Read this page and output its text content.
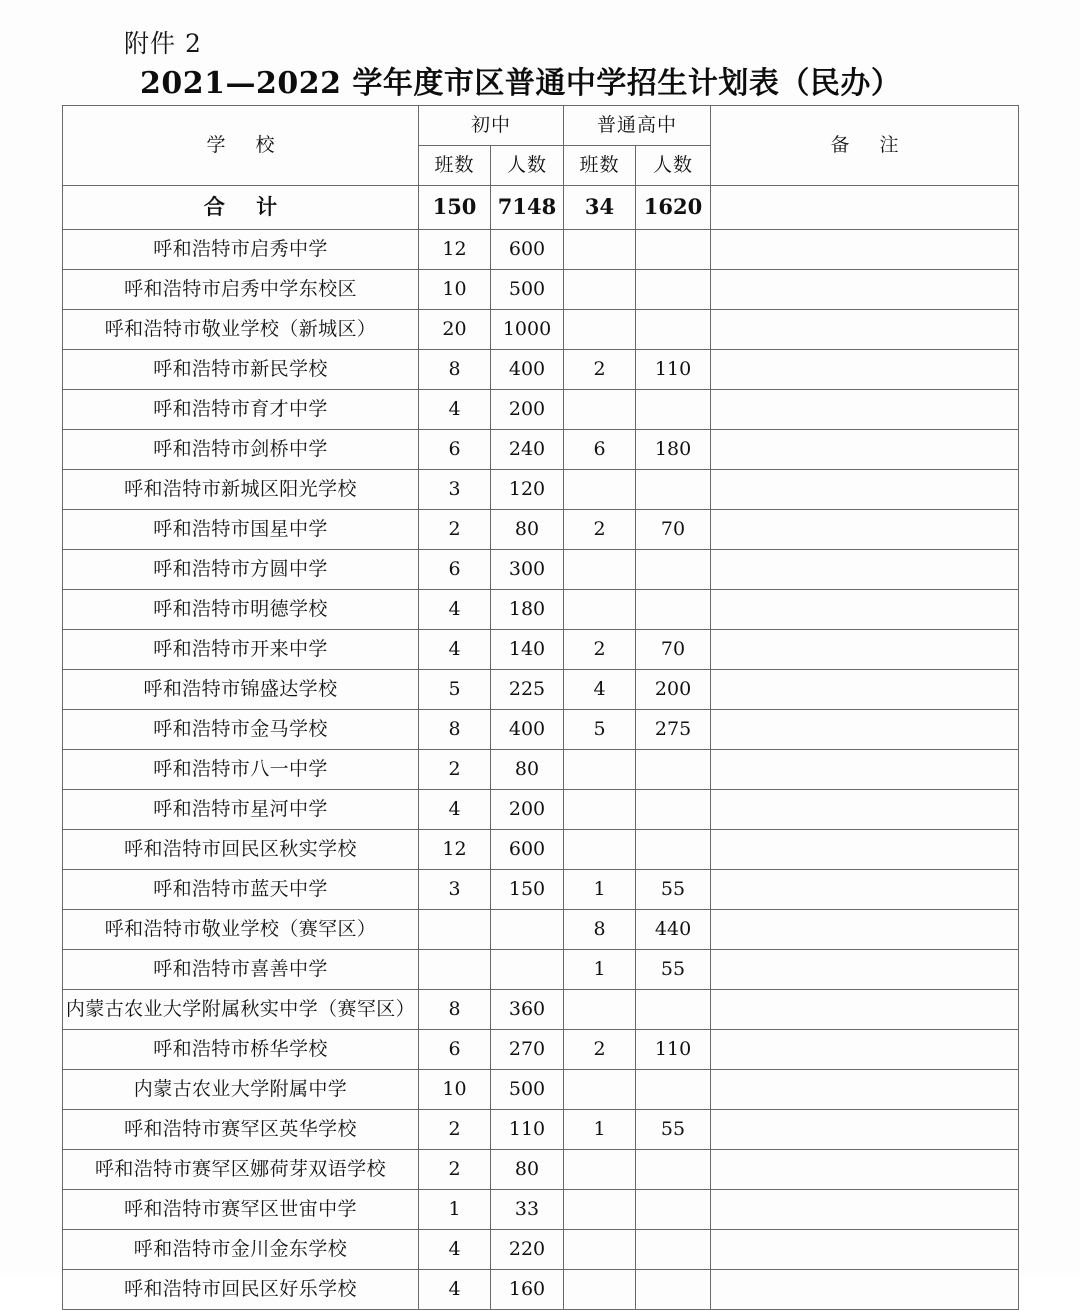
附件 2
2021—2022 学年度市区普通中学招生计划表（民办）
学 校	初中		普通高中		备 注
	班数	人数	班数	人数	
合 计	150	7148	34	1620	
呼和浩特市启秀中学	12	600			
呼和浩特市启秀中学东校区	10	500			
呼和浩特市敬业学校（新城区）	20	1000			
呼和浩特市新民学校	8	400	2	110	
呼和浩特市育才中学	4	200			
呼和浩特市剑桥中学	6	240	6	180	
呼和浩特市新城区阳光学校	3	120			
呼和浩特市国星中学	2	80	2	70	
呼和浩特市方圆中学	6	300			
呼和浩特市明德学校	4	180			
呼和浩特市开来中学	4	140	2	70	
呼和浩特市锦盛达学校	5	225	4	200	
呼和浩特市金马学校	8	400	5	275	
呼和浩特市八一中学	2	80			
呼和浩特市星河中学	4	200			
呼和浩特市回民区秋实学校	12	600			
呼和浩特市蓝天中学	3	150	1	55	
呼和浩特市敬业学校（赛罕区）			8	440	
呼和浩特市喜善中学			1	55	
内蒙古农业大学附属秋实中学（赛罕区）	8	360			
呼和浩特市桥华学校	6	270	2	110	
内蒙古农业大学附属中学	10	500			
呼和浩特市赛罕区英华学校	2	110	1	55	
呼和浩特市赛罕区娜荷芽双语学校	2	80			
呼和浩特市赛罕区世宙中学	1	33			
呼和浩特市金川金东学校	4	220			
呼和浩特市回民区好乐学校	4	160			
